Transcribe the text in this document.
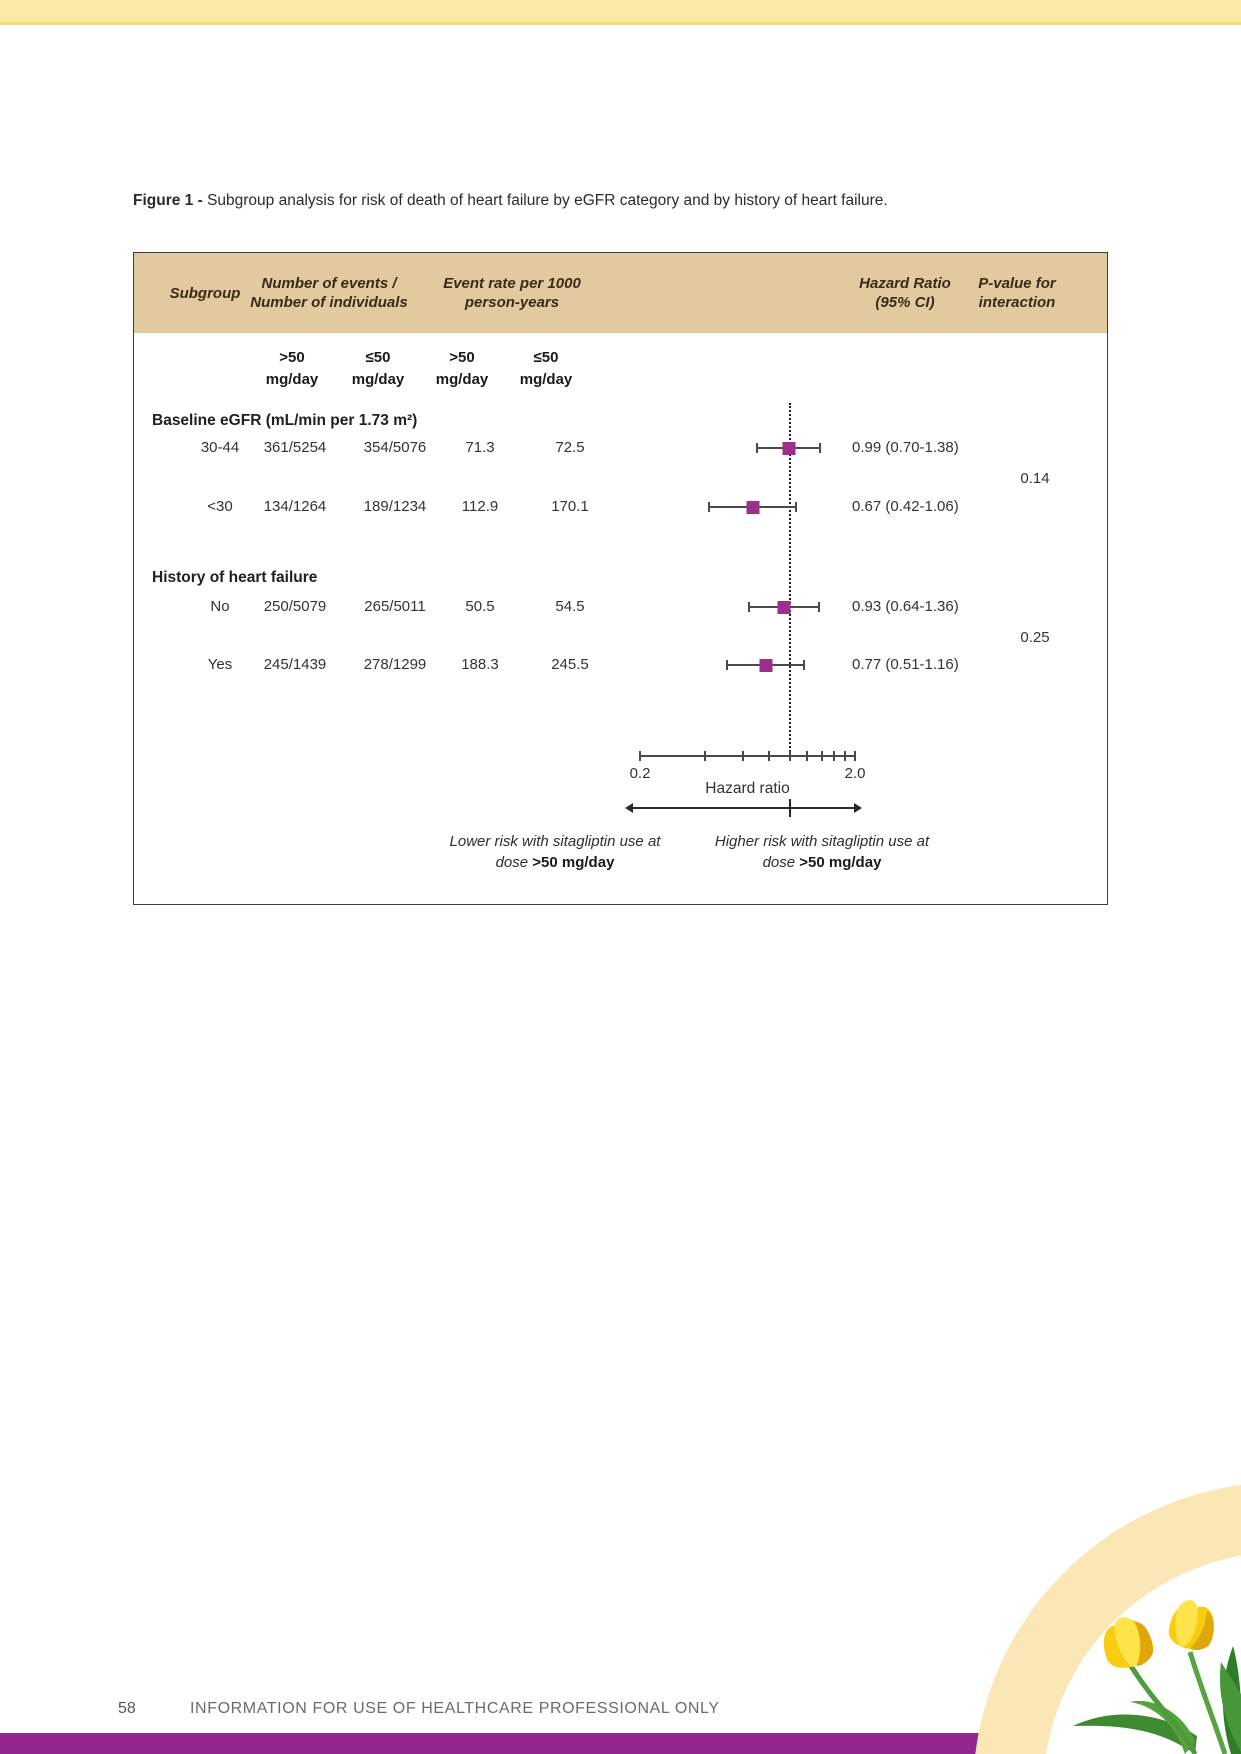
Figure 1 - Subgroup analysis for risk of death of heart failure by eGFR category and by history of heart failure.
Subgroup
Number of events /
Number of individuals
Event rate per 1000
person-years
Hazard Ratio
(95% CI)
P-value for
interaction
>50
mg/day
≤50
mg/day
>50
mg/day
≤50
mg/day
Baseline eGFR (mL/min per 1.73 m²)
30-44	361/5254	354/5076	71.3	72.5	0.99 (0.70-1.38)
0.14
<30	134/1264	189/1234	112.9	170.1	0.67 (0.42-1.06)
History of heart failure
No	250/5079	265/5011	50.5	54.5	0.93 (0.64-1.36)
0.25
Yes	245/1439	278/1299	188.3	245.5	0.77 (0.51-1.16)
0.2	2.0
Hazard ratio
Lower risk with sitagliptin use at
dose >50 mg/day
Higher risk with sitagliptin use at
dose >50 mg/day
58	INFORMATION FOR USE OF HEALTHCARE PROFESSIONAL ONLY
